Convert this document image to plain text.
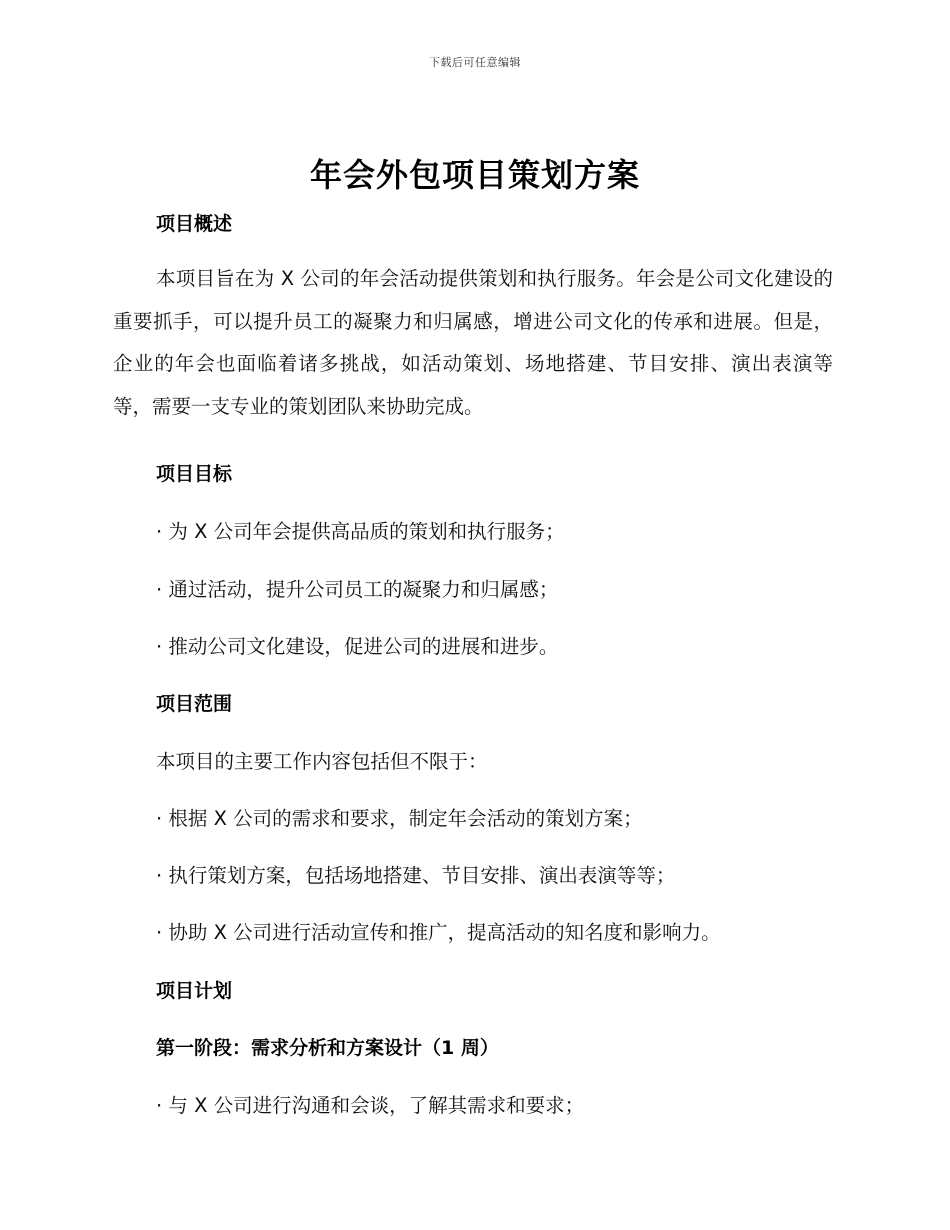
下载后可任意编辑
年会外包项目策划方案
项目概述
本项目旨在为 X 公司的年会活动提供策划和执行服务。年会是公司文化建设的重要抓手，可以提升员工的凝聚力和归属感，增进公司文化的传承和进展。但是，企业的年会也面临着诸多挑战，如活动策划、场地搭建、节目安排、演出表演等等，需要一支专业的策划团队来协助完成。
项目目标
· 为 X 公司年会提供高品质的策划和执行服务；
· 通过活动，提升公司员工的凝聚力和归属感；
· 推动公司文化建设，促进公司的进展和进步。
项目范围
本项目的主要工作内容包括但不限于：
· 根据 X 公司的需求和要求，制定年会活动的策划方案；
· 执行策划方案，包括场地搭建、节目安排、演出表演等等；
· 协助 X 公司进行活动宣传和推广，提高活动的知名度和影响力。
项目计划
第一阶段：需求分析和方案设计（1 周）
· 与 X 公司进行沟通和会谈，了解其需求和要求；
